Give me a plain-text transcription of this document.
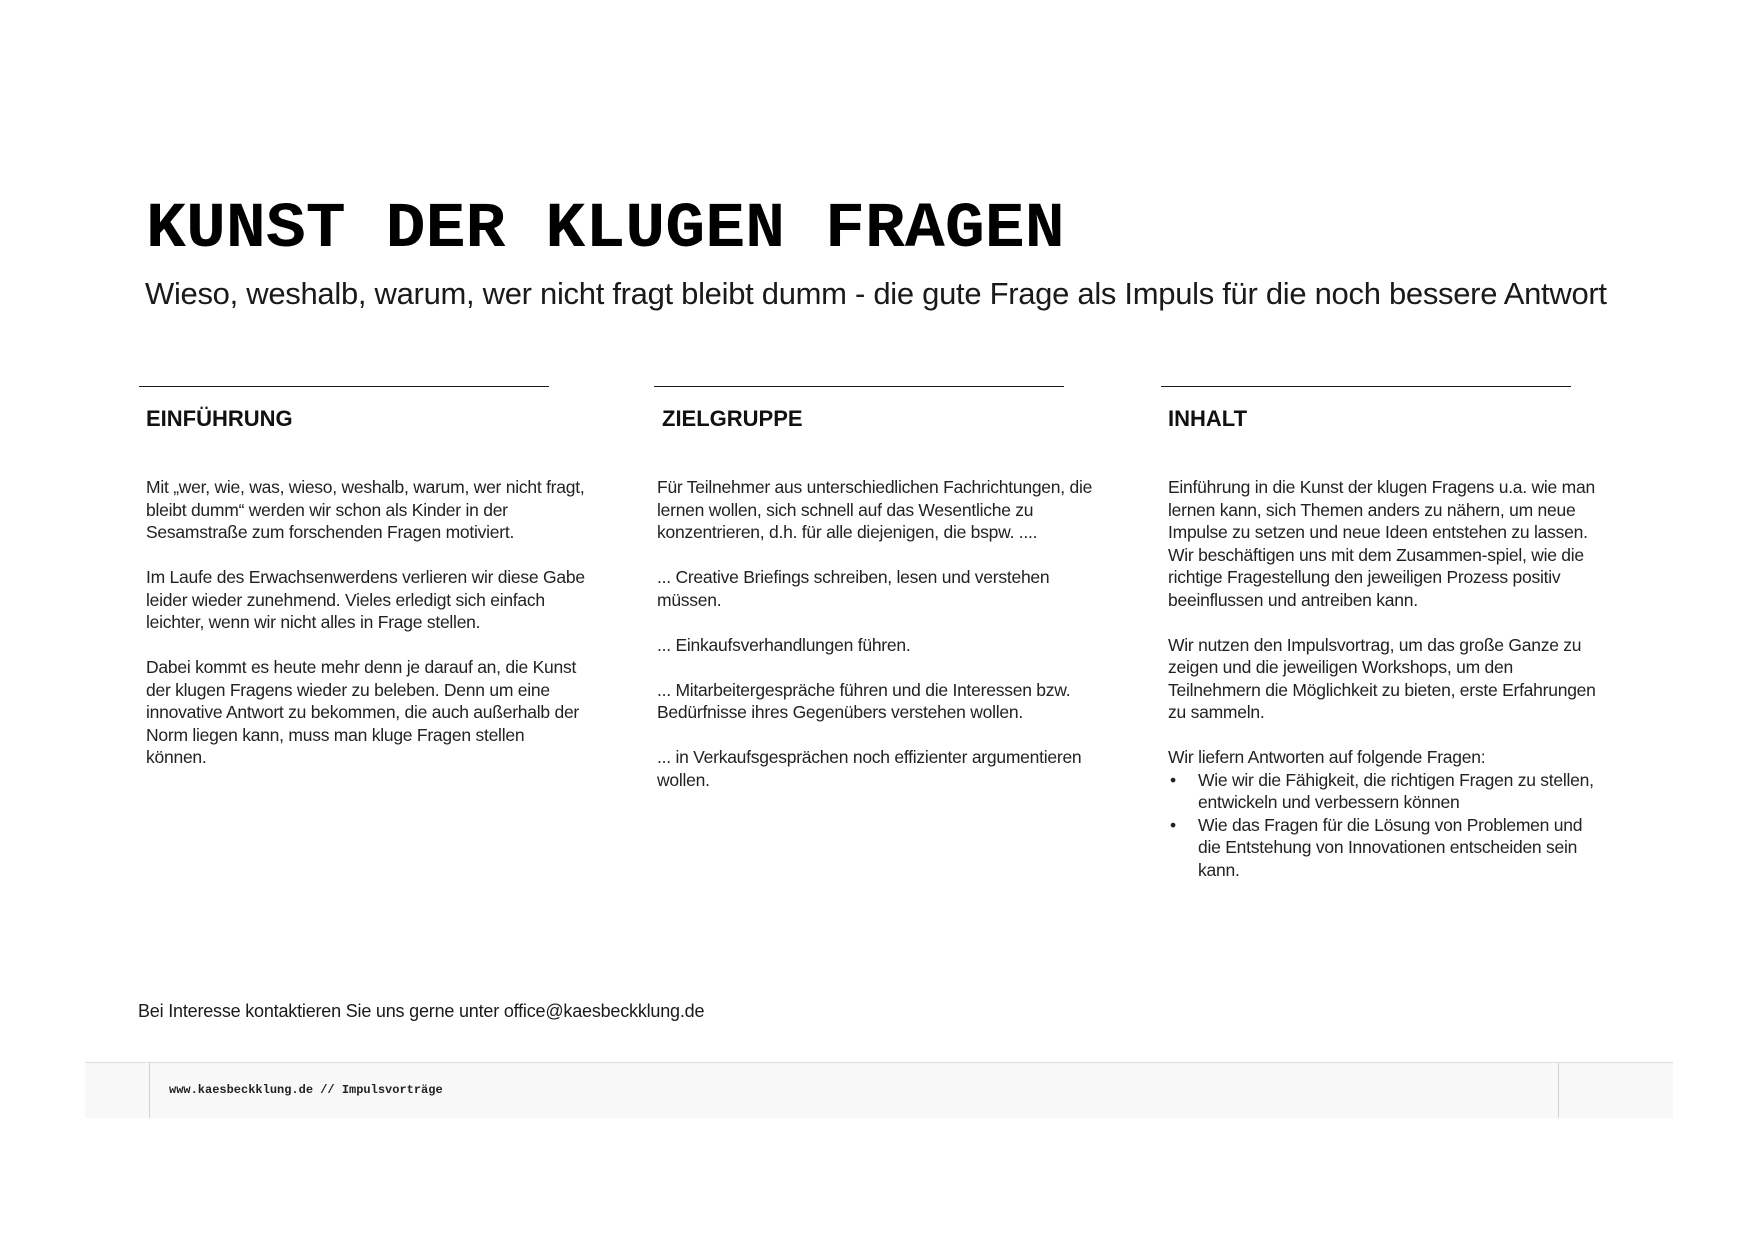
KUNST DER KLUGEN FRAGEN

Wieso, weshalb, warum, wer nicht fragt bleibt dumm - die gute Frage als Impuls für die noch bessere Antwort

EINFÜHRUNG

Mit „wer, wie, was, wieso, weshalb, warum, wer nicht fragt, bleibt dumm“ werden wir schon als Kinder in der Sesamstraße zum forschenden Fragen motiviert.

Im Laufe des Erwachsenwerdens verlieren wir diese Gabe leider wieder zunehmend. Vieles erledigt sich einfach leichter, wenn wir nicht alles in Frage stellen.

Dabei kommt es heute mehr denn je darauf an, die Kunst der klugen Fragens wieder zu beleben. Denn um eine innovative Antwort zu bekommen, die auch außerhalb der Norm liegen kann, muss man kluge Fragen stellen können.

ZIELGRUPPE

Für Teilnehmer aus unterschiedlichen Fachrichtungen, die lernen wollen, sich schnell auf das Wesentliche zu konzentrieren, d.h. für alle diejenigen, die bspw. ....

... Creative Briefings schreiben, lesen und verstehen müssen.

... Einkaufsverhandlungen führen.

... Mitarbeitergespräche führen und die Interessen bzw. Bedürfnisse ihres Gegenübers verstehen wollen.

... in Verkaufsgesprächen noch effizienter argumentieren wollen.

INHALT

Einführung in die Kunst der klugen Fragens u.a. wie man lernen kann, sich Themen anders zu nähern, um neue Impulse zu setzen und neue Ideen entstehen zu lassen. Wir beschäftigen uns mit dem Zusammen-spiel, wie die richtige Fragestellung den jeweiligen Prozess positiv beeinflussen und antreiben kann.

Wir nutzen den Impulsvortrag, um das große Ganze zu zeigen und die jeweiligen Workshops, um den Teilnehmern die Möglichkeit zu bieten, erste Erfahrungen zu sammeln.

Wir liefern Antworten auf folgende Fragen:

• Wie wir die Fähigkeit, die richtigen Fragen zu stellen, entwickeln und verbessern können
• Wie das Fragen für die Lösung von Problemen und die Entstehung von Innovationen entscheiden sein kann.
Bei Interesse kontaktieren Sie uns gerne unter office@kaesbeckklung.de
www.kaesbeckklung.de // Impulsvorträge
